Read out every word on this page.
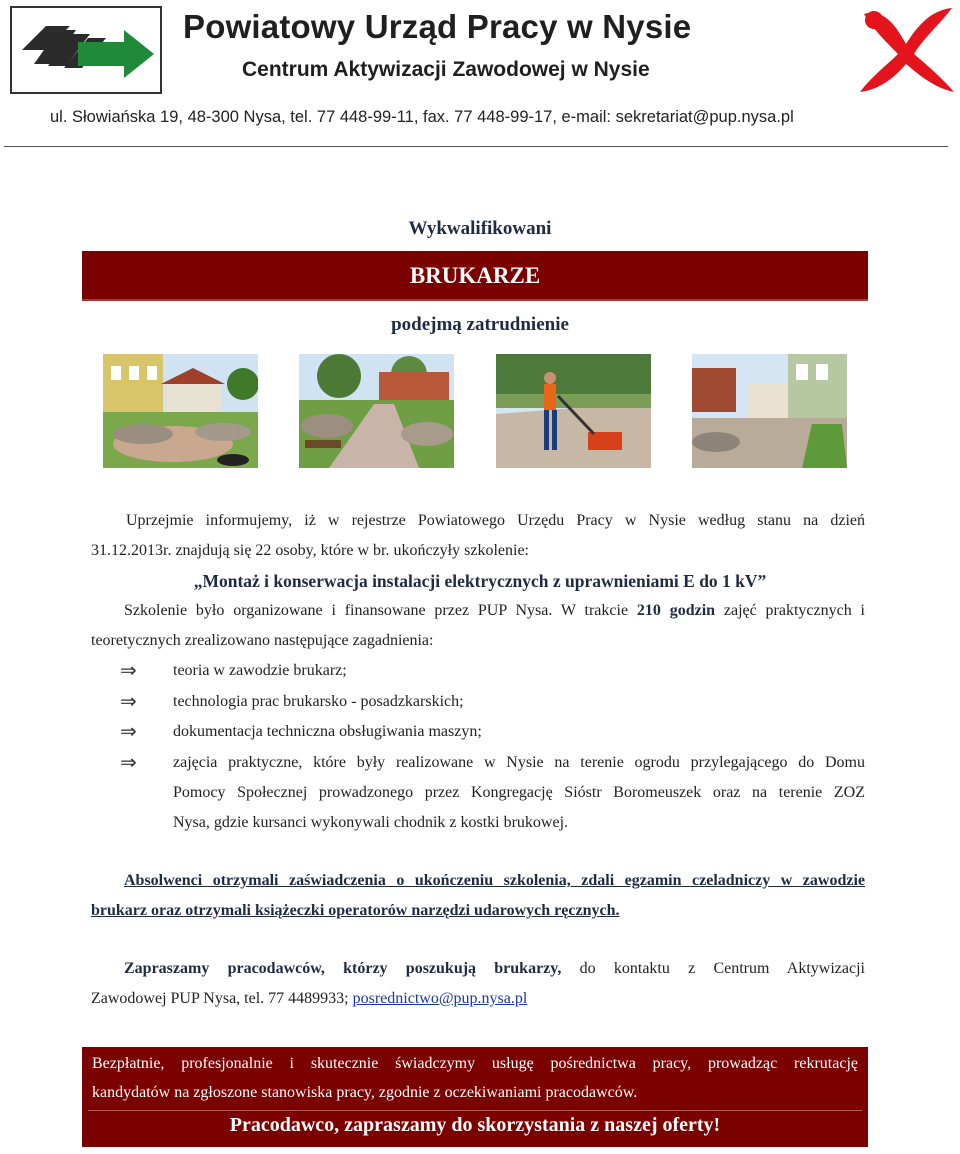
Powiatowy Urząd Pracy w Nysie
Centrum Aktywizacji Zawodowej w Nysie
ul. Słowiańska 19, 48-300 Nysa, tel. 77 448-99-11, fax. 77 448-99-17, e-mail: sekretariat@pup.nysa.pl
Wykwalifikowani
BRUKARZE
podejmą zatrudnienie
Uprzejmie informujemy, iż w rejestrze Powiatowego Urzędu Pracy w Nysie według stanu na dzień
31.12.2013r. znajdują się 22 osoby, które w br. ukończyły szkolenie:
„Montaż i konserwacja instalacji elektrycznych z uprawnieniami E do 1 kV”
Szkolenie było organizowane i finansowane przez PUP Nysa. W trakcie 210 godzin zajęć praktycznych i
teoretycznych zrealizowano następujące zagadnienia:
⇒ teoria w zawodzie brukarz;
⇒ technologia prac brukarsko - posadzkarskich;
⇒ dokumentacja techniczna obsługiwania maszyn;
⇒ zajęcia praktyczne, które były realizowane w Nysie na terenie ogrodu przylegającego do Domu
Pomocy Społecznej prowadzonego przez Kongregację Sióstr Boromeuszek oraz na terenie ZOZ
Nysa, gdzie kursanci wykonywali chodnik z kostki brukowej.
Absolwenci otrzymali zaświadczenia o ukończeniu szkolenia, zdali egzamin czeladniczy w zawodzie
brukarz oraz otrzymali książeczki operatorów narzędzi udarowych ręcznych.
Zapraszamy pracodawców, którzy poszukują brukarzy, do kontaktu z Centrum Aktywizacji
Zawodowej PUP Nysa, tel. 77 4489933; posrednictwo@pup.nysa.pl
Bezpłatnie, profesjonalnie i skutecznie świadczymy usługę pośrednictwa pracy, prowadząc rekrutację
kandydatów na zgłoszone stanowiska pracy, zgodnie z oczekiwaniami pracodawców.
Pracodawco, zapraszamy do skorzystania z naszej oferty!
